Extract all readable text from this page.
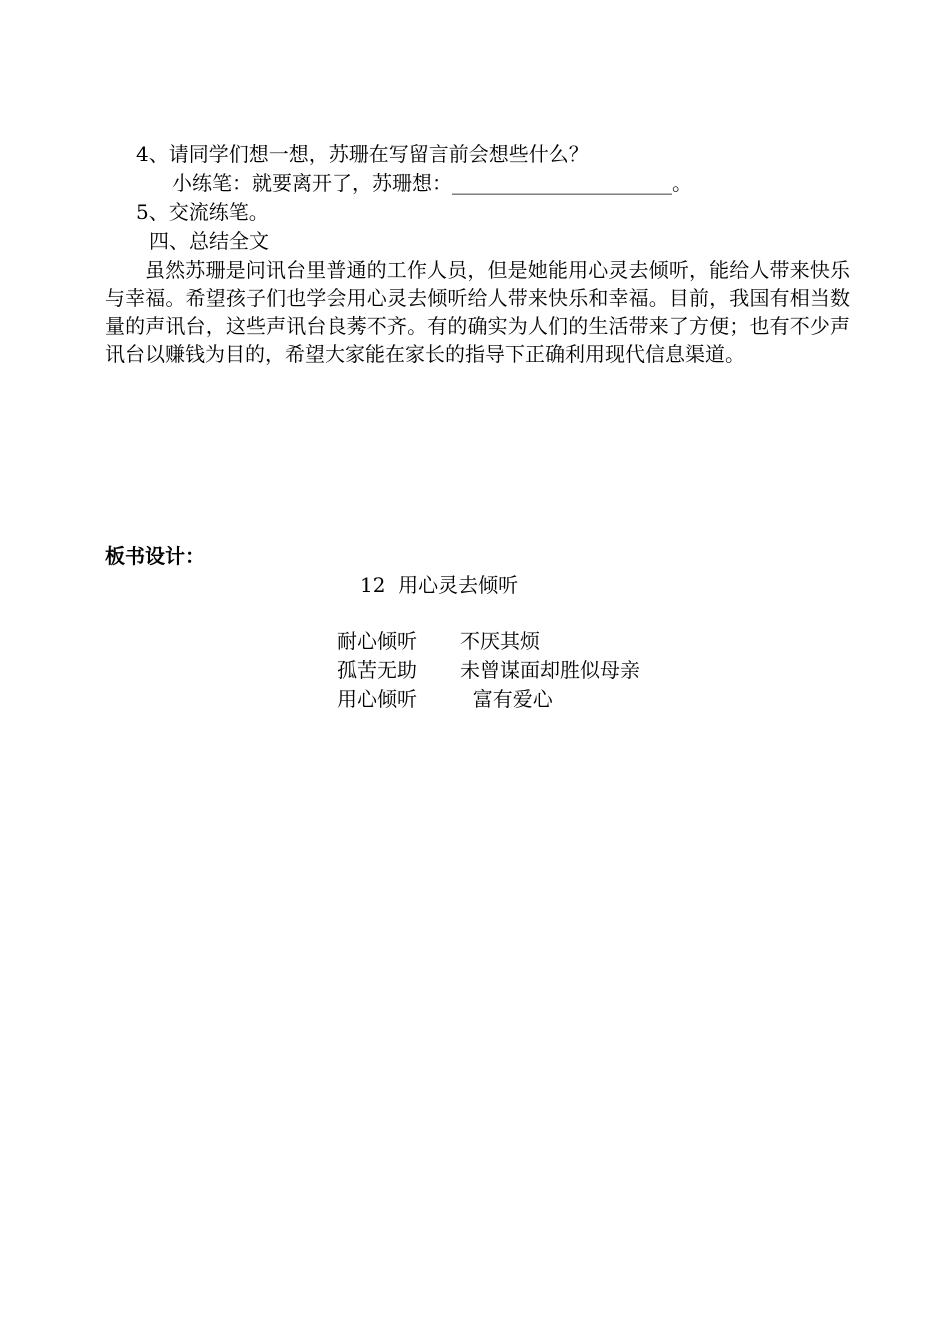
4、请同学们想一想，苏珊在写留言前会想些什么？
小练笔：就要离开了，苏珊想：______________________。
5、交流练笔。
四、总结全文
虽然苏珊是问讯台里普通的工作人员，但是她能用心灵去倾听，能给人带来快乐与幸福。希望孩子们也学会用心灵去倾听给人带来快乐和幸福。目前，我国有相当数量的声讯台，这些声讯台良莠不齐。有的确实为人们的生活带来了方便；也有不少声讯台以赚钱为目的，希望大家能在家长的指导下正确利用现代信息渠道。
板书设计：
12  用心灵去倾听
耐心倾听 不厌其烦
孤苦无助 未曾谋面却胜似母亲
用心倾听 富有爱心
